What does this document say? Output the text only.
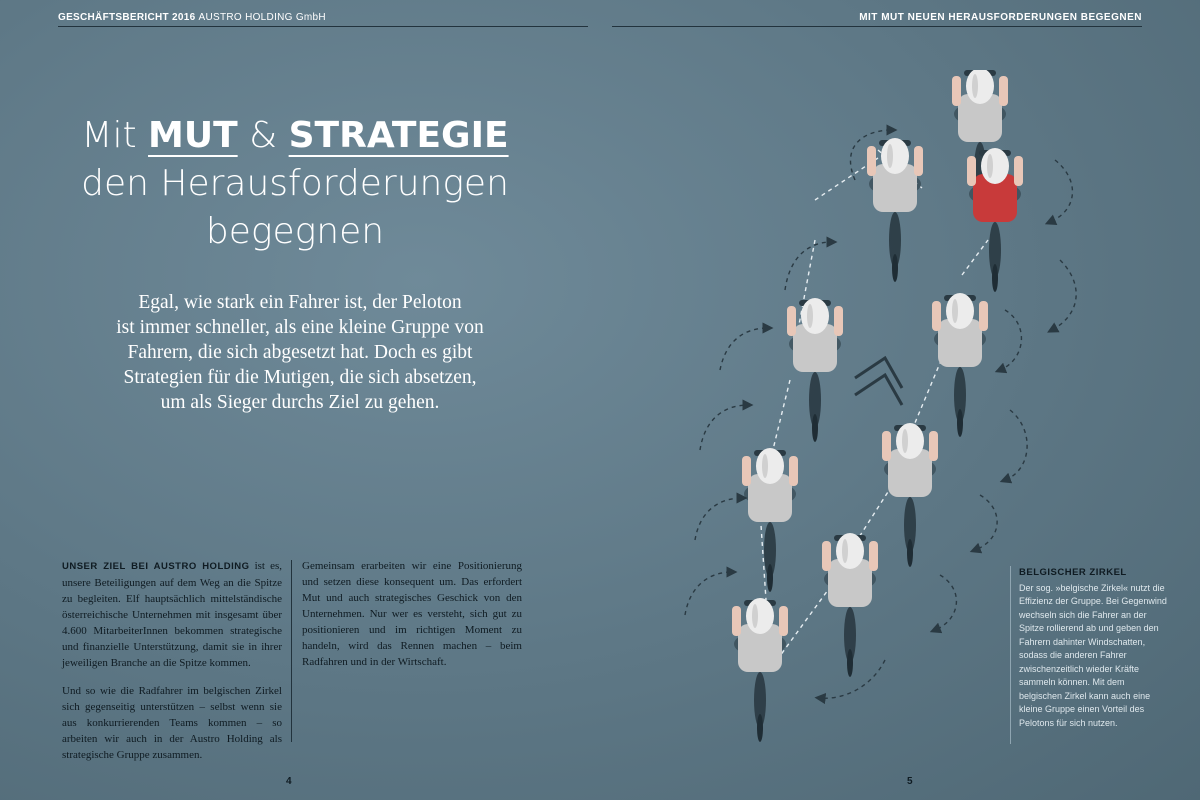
GESCHÄFTSBERICHT 2016 AUSTRO HOLDING GmbH	MIT MUT NEUEN HERAUSFORDERUNGEN BEGEGNEN
Mit MUT & STRATEGIE
den Herausforderungen
begegnen
Egal, wie stark ein Fahrer ist, der Peloton
ist immer schneller, als eine kleine Gruppe von
Fahrern, die sich abgesetzt hat. Doch es gibt
Strategien für die Mutigen, die sich absetzen,
um als Sieger durchs Ziel zu gehen.

UNSER ZIEL BEI AUSTRO HOLDING ist es, unsere Beteiligungen auf dem Weg an die Spitze zu begleiten. Elf hauptsächlich mittelständische österreichische Unternehmen mit insgesamt über 4.600 MitarbeiterInnen bekommen strategische und finanzielle Unterstützung, damit sie in ihrer jeweiligen Branche an die Spitze kommen.

Und so wie die Radfahrer im belgischen Zirkel sich gegenseitig unterstützen – selbst wenn sie aus konkurrierenden Teams kommen – so arbeiten wir auch in der Austro Holding als strategische Gruppe zusammen.

Gemeinsam erarbeiten wir eine Positionierung und setzen diese konsequent um. Das erfordert Mut und auch strategisches Geschick von den Unternehmen. Nur wer es versteht, sich gut zu positionieren und im richtigen Moment zu handeln, wird das Rennen machen – beim Radfahren und in der Wirtschaft.

4	5
BELGISCHER ZIRKEL
Der sog. »belgische Zirkel« nutzt die Effizienz der Gruppe. Bei Gegenwind wechseln sich die Fahrer an der Spitze rollierend ab und geben den Fahrern dahinter Windschatten, sodass die anderen Fahrer zwischenzeitlich wieder Kräfte sammeln können. Mit dem belgischen Zirkel kann auch eine kleine Gruppe einen Vorteil des Pelotons für sich nutzen.
